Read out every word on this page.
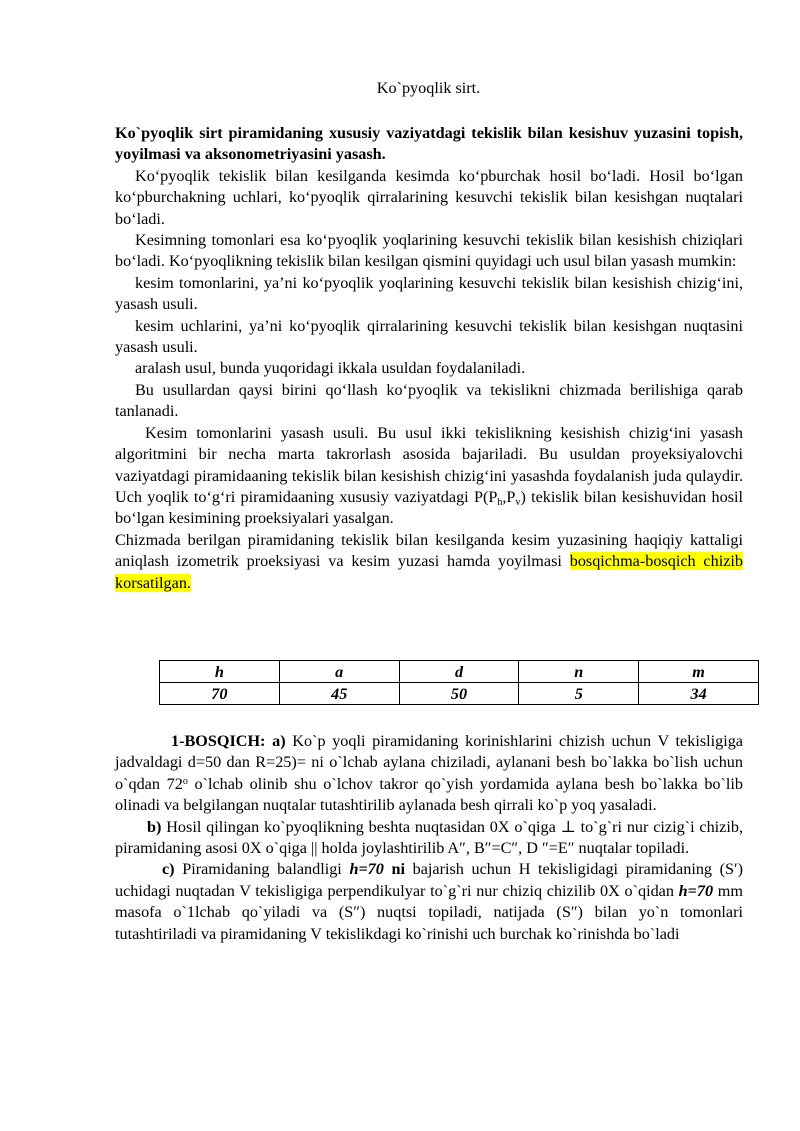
Ko`pyoqlik sirt.

Ko`pyoqlik sirt piramidaning xususiy vaziyatdagi tekislik bilan kesishuv yuzasini topish, yoyilmasi va aksonometriyasini yasash.

Ko‘pyoqlik tekislik bilan kesilganda kesimda ko‘pburchak hosil bo‘ladi. Hosil bo‘lgan ko‘pburchakning uchlari, ko‘pyoqlik qirralarining kesuvchi tekislik bilan kesishgan nuqtalari bo‘ladi.

Kesimning tomonlari esa ko‘pyoqlik yoqlarining kesuvchi tekislik bilan kesishish chiziqlari bo‘ladi. Ko‘pyoqlikning tekislik bilan kesilgan qismini quyidagi uch usul bilan yasash mumkin:

kesim tomonlarini, ya’ni ko‘pyoqlik yoqlarining kesuvchi tekislik bilan kesishish chizig‘ini, yasash usuli.

kesim uchlarini, ya’ni ko‘pyoqlik qirralarining kesuvchi tekislik bilan kesishgan nuqtasini yasash usuli.

aralash usul, bunda yuqoridagi ikkala usuldan foydalaniladi.

Bu usullardan qaysi birini qo‘llash ko‘pyoqlik va tekislikni chizmada berilishiga qarab tanlanadi.

Kesim tomonlarini yasash usuli. Bu usul ikki tekislikning kesishish chizig‘ini yasash algoritmini bir necha marta takrorlash asosida bajariladi. Bu usuldan proyeksiyalovchi vaziyatdagi piramidaaning tekislik bilan kesishish chizig‘ini yasashda foydalanish juda qulaydir. Uch yoqlik to‘g‘ri piramidaaning xususiy vaziyatdagi $P(P_h,P_v)$ tekislik bilan kesishuvidan hosil bo‘lgan kesimining proeksiyalari yasalgan.

Chizmada berilgan piramidaning tekislik bilan kesilganda kesim yuzasining haqiqiy kattaligi aniqlash izometrik proeksiyasi va kesim yuzasi hamda yoyilmasi bosqichma-bosqich chizib korsatilgan.

h	a	d	n	m
70	45	50	5	34

1-BOSQICH: a) Ko`p yoqli piramidaning korinishlarini chizish uchun V tekisligiga jadvaldagi d=50 dan R=25)= ni o`lchab aylana chiziladi, aylanani besh bo`lakka bo`lish uchun o`qdan 72$^o$ o`lchab olinib shu o`lchov takror qo`yish yordamida aylana besh bo`lakka bo`lib olinadi va belgilangan nuqtalar tutashtirilib aylanada besh qirrali ko`p yoq yasaladi.

b) Hosil qilingan ko`pyoqlikning beshta nuqtasidan 0X o`qiga ⊥ to`g`ri nur cizig`i chizib, piramidaning asosi 0X o`qiga || holda joylashtirilib A″, B″=C″, D ″=E″ nuqtalar topiladi.

c) Piramidaning balandligi h=70 ni bajarish uchun H tekisligidagi piramidaning (S′) uchidagi nuqtadan V tekisligiga perpendikulyar to`g`ri nur chiziq chizilib 0X o`qidan h=70 mm masofa o`1lchab qo`yiladi va (S″) nuqtsi topiladi, natijada (S″) bilan yo`n tomonlari tutashtiriladi va piramidaning V tekislikdagi ko`rinishi uch burchak ko`rinishda bo`ladi
